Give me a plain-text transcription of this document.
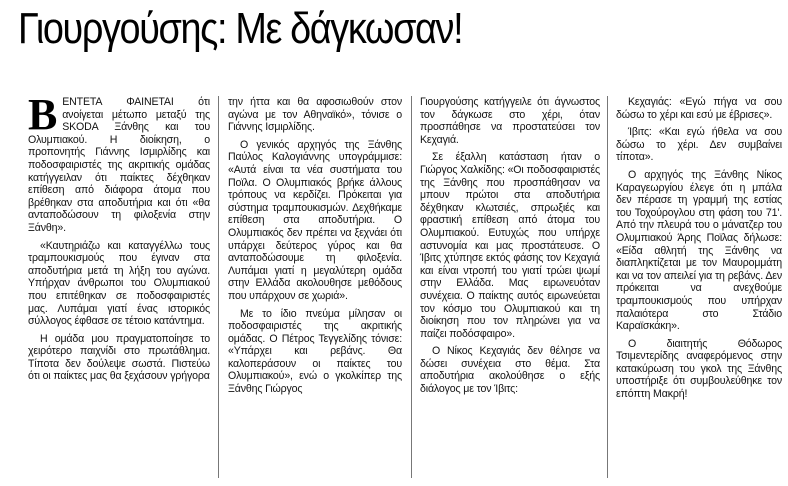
Γιουργούσης: Με δάγκωσαν!

ΒΕΝΤΕΤΑ ΦΑΙΝΕΤΑΙ ότι ανοίγεται μέτωπο μεταξύ της SKODA Ξάνθης και του Ολυμπιακού. Η διοίκηση, ο προπονητής Γιάννης Ισμιρλίδης και ποδοσφαιριστές της ακριτικής ομάδας κατήγγειλαν ότι παίκτες δέχθηκαν επίθεση από διάφορα άτομα που βρέθηκαν στα αποδυτήρια και ότι «θα ανταποδώσουν τη φιλοξενία στην Ξάνθη».

«Καυτηριάζω και καταγγέλλω τους τραμπουκισμούς που έγιναν στα αποδυτήρια μετά τη λήξη του αγώνα. Υπήρχαν άνθρωποι του Ολυμπιακού που επιτέθηκαν σε ποδοσφαιριστές μας. Λυπάμαι γιατί ένας ιστορικός σύλλογος έφθασε σε τέτοιο κατάντημα.

Η ομάδα μου πραγματοποίησε το χειρότερο παιχνίδι στο πρωτάθλημα. Τίποτα δεν δούλεψε σωστά. Πιστεύω ότι οι παίκτες μας θα ξεχάσουν γρήγορα

την ήττα και θα αφοσιωθούν στον αγώνα με τον Αθηναϊκό», τόνισε ο Γιάννης Ισμιρλίδης.

Ο γενικός αρχηγός της Ξάνθης Παύλος Καλογιάννης υπογράμμισε: «Αυτά είναι τα νέα συστήματα του Ποϊλα. Ο Ολυμπιακός βρήκε άλλους τρόπους να κερδίζει. Πρόκειται για σύστημα τραμπουκισμών. Δεχθήκαμε επίθεση στα αποδυτήρια. Ο Ολυμπιακός δεν πρέπει να ξεχνάει ότι υπάρχει δεύτερος γύρος και θα ανταποδώσουμε τη φιλοξενία. Λυπάμαι γιατί η μεγαλύτερη ομάδα στην Ελλάδα ακολουθησε μεθόδους που υπάρχουν σε χωριά».

Με το ίδιο πνεύμα μίλησαν οι ποδοσφαιριστές της ακριτικής ομάδας. Ο Πέτρος Τεγγελίδης τόνισε: «Υπάρχει και ρεβάνς. Θα καλοπεράσουν οι παίκτες του Ολυμπιακού», ενώ ο γκολκίπερ της Ξάνθης Γιώργος

Γιουργούσης κατήγγειλε ότι άγνωστος τον δάγκωσε στο χέρι, όταν προσπάθησε να προστατεύσει τον Κεχαγιά.

Σε έξαλλη κατάσταση ήταν ο Γιώργος Χαλκίδης: «Οι ποδοσφαιριστές της Ξάνθης που προσπάθησαν να μπουν πρώτοι στα αποδυτήρια δέχθηκαν κλωτσιές, σπρωξιές και φραστική επίθεση από άτομα του Ολυμπιακού. Ευτυχώς που υπήρχε αστυνομία και μας προστάτευσε. Ο Ίβιτς χτύπησε εκτός φάσης τον Κεχαγιά και είναι ντροπή του γιατί τρώει ψωμί στην Ελλάδα. Μας ειρωνευόταν συνέχεια. Ο παίκτης αυτός ειρωνεύεται τον κόσμο του Ολυμπιακού και τη διοίκηση που τον πληρώνει για να παίζει ποδόσφαιρο».

Ο Νίκος Κεχαγιάς δεν θέλησε να δώσει συνέχεια στο θέμα. Στα αποδυτήρια ακολούθησε ο εξής διάλογος με τον Ίβιτς:

Κεχαγιάς: «Εγώ πήγα να σου δώσω το χέρι και εσύ με έβρισες».

Ίβιτς: «Και εγώ ήθελα να σου δώσω το χέρι. Δεν συμβαίνει τίποτα».

Ο αρχηγός της Ξάνθης Νίκος Καραγεωργίου έλεγε ότι η μπάλα δεν πέρασε τη γραμμή της εστίας του Τοχούρογλου στη φάση του 71'. Από την πλευρά του ο μάνατζερ του Ολυμπιακού Άρης Ποϊλας δήλωσε: «Είδα αθλητή της Ξάνθης να διαπληκτίζεται με τον Μαυρομμάτη και να τον απειλεί για τη ρεβάνς. Δεν πρόκειται να ανεχθούμε τραμπουκισμούς που υπήρχαν παλαιότερα στο Στάδιο Καραϊσκάκη».

Ο διαιτητής Θόδωρος Τσιμεντερίδης αναφερόμενος στην κατακύρωση του γκολ της Ξάνθης υποστήριξε ότι συμβουλεύθηκε τον επόπτη Μακρή!
